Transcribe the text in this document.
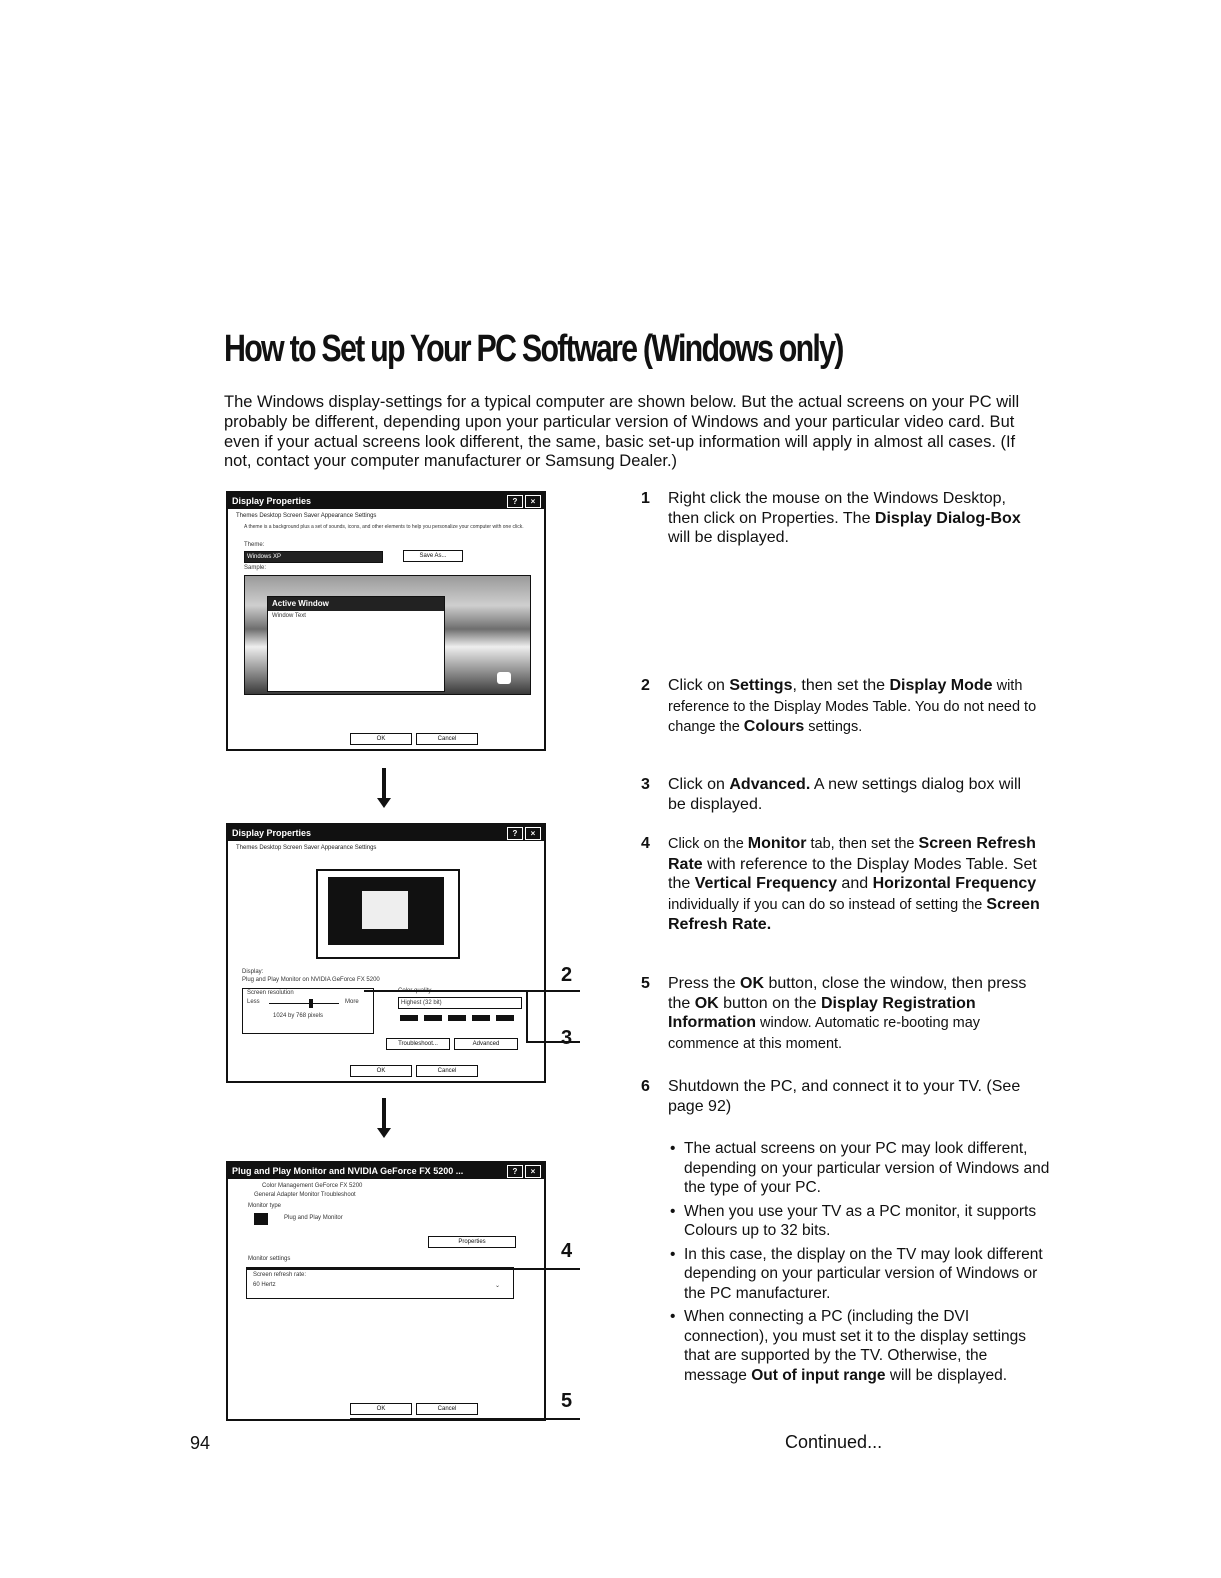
How to Set up Your PC Software (Windows only)
The Windows display-settings for a typical computer are shown below. But the actual screens on your PC will probably be different, depending upon your particular version of Windows and your particular video card. But even if your actual screens look different, the same, basic set-up information will apply in almost all cases. (If not, contact your computer manufacturer or Samsung Dealer.)
Display Properties	?	×
Themes Desktop Screen Saver Appearance Settings
A theme is a background plus a set of sounds, icons, and other elements to help you personalize your computer with one click.
Theme:
Windows XP	Save As...
Sample:
Active Window
Window Text
OK	Cancel
Display Properties	?	×
Themes Desktop Screen Saver Appearance Settings
Display:
Plug and Play Monitor on NVIDIA GeForce FX 5200
Screen resolution
Less	More
1024 by 768 pixels
Highest (32 bit)
Troubleshoot...	Advanced
OK	Cancel
Plug and Play Monitor and NVIDIA GeForce FX 5200 ...	?	×
Color Management GeForce FX 5200
General Adapter Monitor Troubleshoot
Monitor type
Plug and Play Monitor
Properties
Monitor settings
Screen refresh rate:
60 Hertz	⌄
OK	Cancel
2
3
4
5
1 Right click the mouse on the Windows Desktop, then click on Properties. The Display Dialog-Box will be displayed.
2 Click on Settings, then set the Display Mode with reference to the Display Modes Table. You do not need to change the Colours settings.
3 Click on Advanced. A new settings dialog box will be displayed.
4 Click on the Monitor tab, then set the Screen Refresh Rate with reference to the Display Modes Table. Set the Vertical Frequency and Horizontal Frequency individually if you can do so instead of setting the Screen Refresh Rate.
5 Press the OK button, close the window, then press the OK button on the Display Registration Information window. Automatic re-booting may commence at this moment.
6 Shutdown the PC, and connect it to your TV. (See page 92)
• The actual screens on your PC may look different, depending on your particular version of Windows and the type of your PC.
• When you use your TV as a PC monitor, it supports Colours up to 32 bits.
• In this case, the display on the TV may look different depending on your particular version of Windows or the PC manufacturer.
• When connecting a PC (including the DVI connection), you must set it to the display settings that are supported by the TV. Otherwise, the message Out of input range will be displayed.
94	Continued...
